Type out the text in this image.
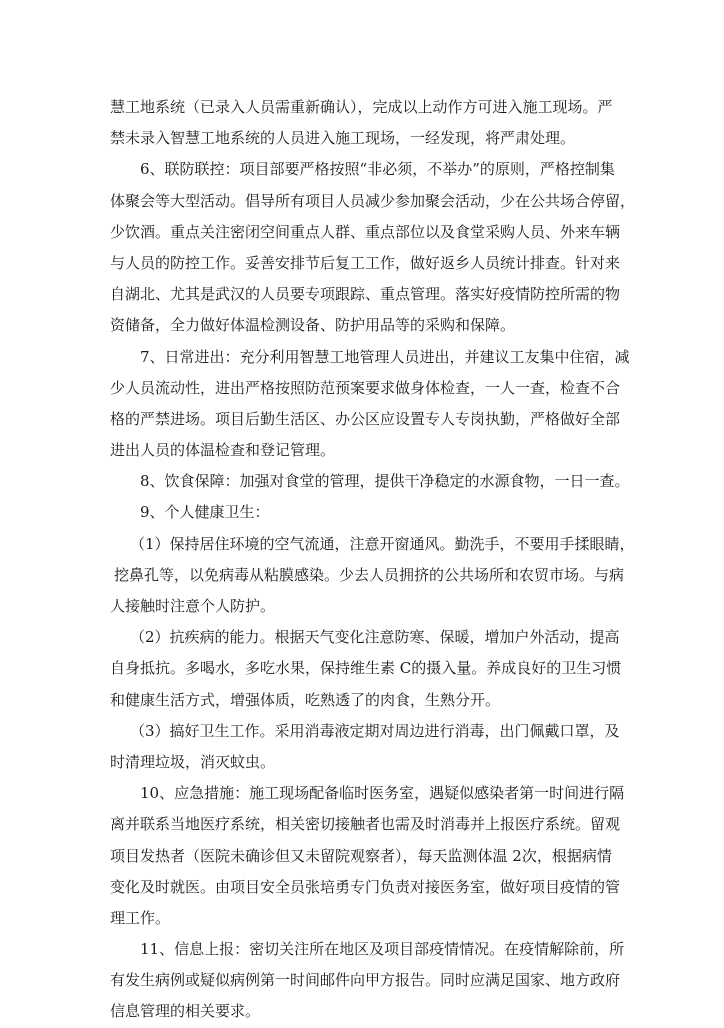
慧工地系统（已录入人员需重新确认），完成以上动作方可进入施工现场。严
禁未录入智慧工地系统的人员进入施工现场，一经发现，将严肃处理。
6、联防联控：项目部要严格按照“非必须，不举办”的原则，严格控制集
体聚会等大型活动。倡导所有项目人员减少参加聚会活动，少在公共场合停留，
少饮酒。重点关注密闭空间重点人群、重点部位以及食堂采购人员、外来车辆
与人员的防控工作。妥善安排节后复工工作，做好返乡人员统计排查。针对来
自湖北、尤其是武汉的人员要专项跟踪、重点管理。落实好疫情防控所需的物
资储备，全力做好体温检测设备、防护用品等的采购和保障。
7、日常进出：充分利用智慧工地管理人员进出，并建议工友集中住宿，减
少人员流动性，进出严格按照防范预案要求做身体检查，一人一查，检查不合
格的严禁进场。项目后勤生活区、办公区应设置专人专岗执勤，严格做好全部
进出人员的体温检查和登记管理。
8、饮食保障：加强对食堂的管理，提供干净稳定的水源食物，一日一查。
9、个人健康卫生：
（1）保持居住环境的空气流通，注意开窗通风。勤洗手，不要用手揉眼睛，
挖鼻孔等，以免病毒从粘膜感染。少去人员拥挤的公共场所和农贸市场。与病
人接触时注意个人防护。
（2）抗疾病的能力。根据天气变化注意防寒、保暖，增加户外活动，提高
自身抵抗。多喝水，多吃水果，保持维生素 C的摄入量。养成良好的卫生习惯
和健康生活方式，增强体质，吃熟透了的肉食，生熟分开。
（3）搞好卫生工作。采用消毒液定期对周边进行消毒，出门佩戴口罩，及
时清理垃圾，消灭蚊虫。
10、应急措施：施工现场配备临时医务室，遇疑似感染者第一时间进行隔
离并联系当地医疗系统，相关密切接触者也需及时消毒并上报医疗系统。留观
项目发热者（医院未确诊但又未留院观察者），每天监测体温 2次，根据病情
变化及时就医。由项目安全员张培勇专门负责对接医务室，做好项目疫情的管
理工作。
11、信息上报：密切关注所在地区及项目部疫情情况。在疫情解除前，所
有发生病例或疑似病例第一时间邮件向甲方报告。同时应满足国家、地方政府
信息管理的相关要求。
